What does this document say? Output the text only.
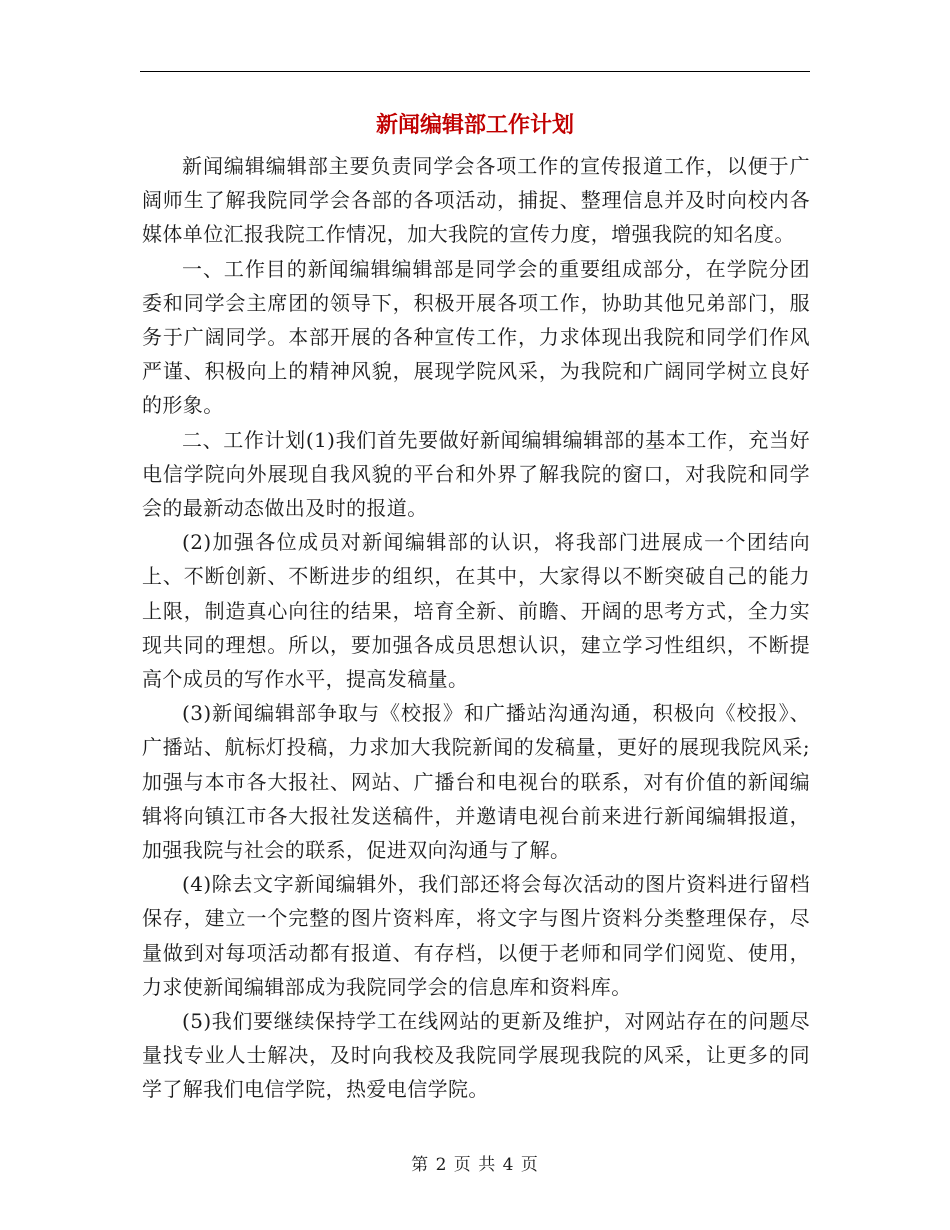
新闻编辑部工作计划

新闻编辑编辑部主要负责同学会各项工作的宣传报道工作，以便于广阔师生了解我院同学会各部的各项活动，捕捉、整理信息并及时向校内各媒体单位汇报我院工作情况，加大我院的宣传力度，增强我院的知名度。

一、工作目的新闻编辑编辑部是同学会的重要组成部分，在学院分团委和同学会主席团的领导下，积极开展各项工作，协助其他兄弟部门，服务于广阔同学。本部开展的各种宣传工作，力求体现出我院和同学们作风严谨、积极向上的精神风貌，展现学院风采，为我院和广阔同学树立良好的形象。

二、工作计划(1)我们首先要做好新闻编辑编辑部的基本工作，充当好电信学院向外展现自我风貌的平台和外界了解我院的窗口，对我院和同学会的最新动态做出及时的报道。

(2)加强各位成员对新闻编辑部的认识，将我部门进展成一个团结向上、不断创新、不断进步的组织，在其中，大家得以不断突破自己的能力上限，制造真心向往的结果，培育全新、前瞻、开阔的思考方式，全力实现共同的理想。所以，要加强各成员思想认识，建立学习性组织，不断提高个成员的写作水平，提高发稿量。

(3)新闻编辑部争取与《校报》和广播站沟通沟通，积极向《校报》、广播站、航标灯投稿，力求加大我院新闻的发稿量，更好的展现我院风采;加强与本市各大报社、网站、广播台和电视台的联系，对有价值的新闻编辑将向镇江市各大报社发送稿件，并邀请电视台前来进行新闻编辑报道，加强我院与社会的联系，促进双向沟通与了解。

(4)除去文字新闻编辑外，我们部还将会每次活动的图片资料进行留档保存，建立一个完整的图片资料库，将文字与图片资料分类整理保存，尽量做到对每项活动都有报道、有存档，以便于老师和同学们阅览、使用，力求使新闻编辑部成为我院同学会的信息库和资料库。

(5)我们要继续保持学工在线网站的更新及维护，对网站存在的问题尽量找专业人士解决，及时向我校及我院同学展现我院的风采，让更多的同学了解我们电信学院，热爱电信学院。

第 2 页 共 4 页
